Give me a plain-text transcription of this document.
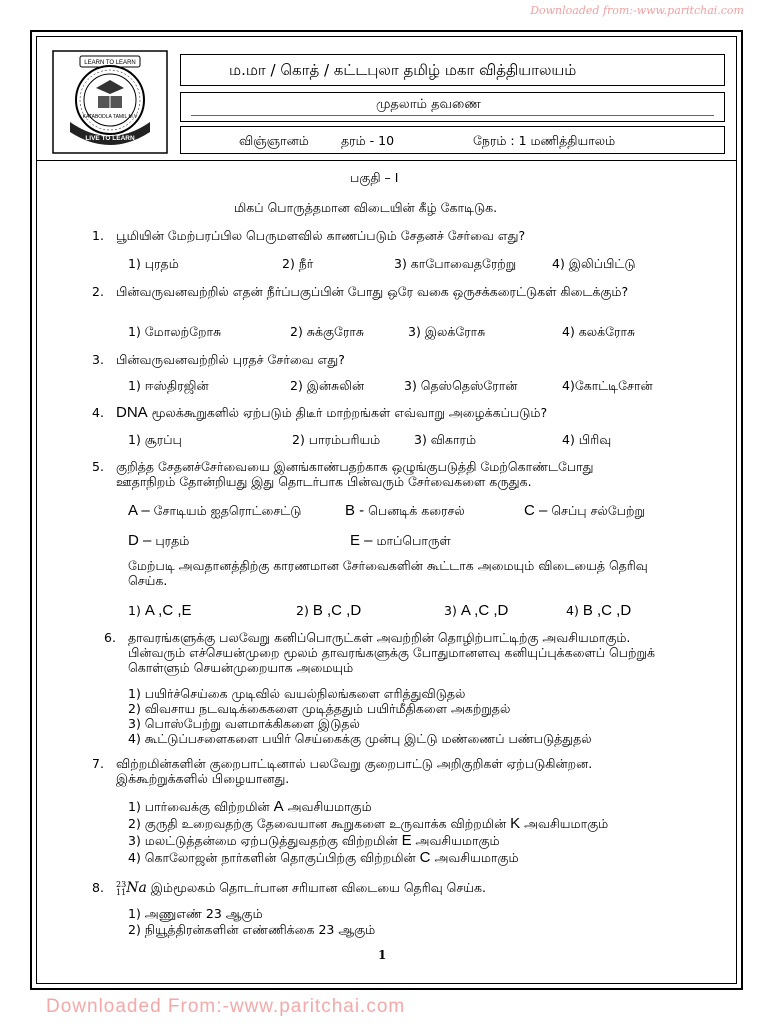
Downloaded from:-www.paritchai.com
LEARN TO LEARN
KATABODLA TAMIL M.V
LIVE TO LEARN
ம.மா / கொத் / கட்டபுலா தமிழ் மகா வித்தியாலயம்
முதலாம் தவணை
விஞ்ஞானம்	தரம் - 10	நேரம் : 1 மணித்தியாலம்
பகுதி – I
மிகப் பொருத்தமான விடையின் கீழ் கோடிடுக.
1. பூமியின் மேற்பரப்பில பெருமளவில் காணப்படும் சேதனச் சேர்வை எது?
1) புரதம்	2) நீர்	3) காபோவைதரேற்று	4) இலிப்பிட்டு
2. பின்வருவனவற்றில் எதன் நீர்ப்பகுப்பின் போது ஒரே வகை ஒருசக்கரைட்டுகள் கிடைக்கும்?
1) மோலற்றோசு	2) சுக்குரோசு	3) இலக்ரோசு	4) கலக்ரோசு
3. பின்வருவனவற்றில் புரதச் சேர்வை எது?
1) ஈஸ்திரஜின்	2) இன்சுலின்	3) தெஸ்தெஸ்ரோன்	4)கோட்டிசோன்
4. DNA மூலக்கூறுகளில் ஏற்படும் திடீர் மாற்றங்கள் எவ்வாறு அழைக்கப்படும்?
1) சூரப்பு	2) பாரம்பரியம்	3) விகாரம்	4) பிரிவு
5. குறித்த சேதனச்சேர்வையை இனங்காண்பதற்காக ஒழுங்குபடுத்தி மேற்கொண்டபோது ஊதாநிறம் தோன்றியது இது தொடர்பாக பின்வரும் சேர்வைகளை கருதுக.
A – சோடியம் ஐதரொட்சைட்டு	B - பெனடிக் கரைசல்	C – செப்பு சல்பேற்று
D – புரதம்	E – மாப்பொருள்
மேற்படி அவதானத்திற்கு காரணமான சேர்வைகளின் கூட்டாக அமையும் விடையைத் தெரிவு செய்க.
1) A ,C ,E	2) B ,C ,D	3) A ,C ,D	4) B ,C ,D
6. தாவரங்களுக்கு பலவேறு கனிப்பொருட்கள் அவற்றின் தொழிற்பாட்டிற்கு அவசியமாகும். பின்வரும் எச்செயன்முறை மூலம் தாவரங்களுக்கு போதுமானளவு கனியுப்புக்களைப் பெற்றுக் கொள்ளும் செயன்முறையாக அமையும்
1) பயிர்ச்செய்கை முடிவில் வயல்நிலங்களை எரித்துவிடுதல்
2) விவசாய நடவடிக்கைகளை முடித்ததும் பயிர்மீதிகளை அகற்றுதல்
3) பொஸ்பேற்று வளமாக்கிகளை இடுதல்
4) கூட்டுப்பசளைகளை பயிர் செய்கைக்கு முன்பு இட்டு மண்ணைப் பண்படுத்துதல்
7. விற்றமின்களின் குறைபாட்டினால் பலவேறு குறைபாட்டு அறிகுறிகள் ஏற்படுகின்றன. இக்கூற்றுக்களில் பிழையானது.
1) பார்வைக்கு விற்றமின் A அவசியமாகும்
2) குருதி உறைவதற்கு தேவையான கூறுகளை உருவாக்க விற்றமின் K அவசியமாகும்
3) மலட்டுத்தன்மை ஏற்படுத்துவதற்கு விற்றமின் E அவசியமாகும்
4) கொலோஜன் நார்களின் தொகுப்பிற்கு விற்றமின் C அவசியமாகும்
8. 23
11 Na இம்மூலகம் தொடர்பான சரியான விடையை தெரிவு செய்க.
1) அணுஎண் 23 ஆகும்
2) நியூத்திரன்களின் எண்ணிக்கை 23 ஆகும்
1
Downloaded From:-www.paritchai.com
